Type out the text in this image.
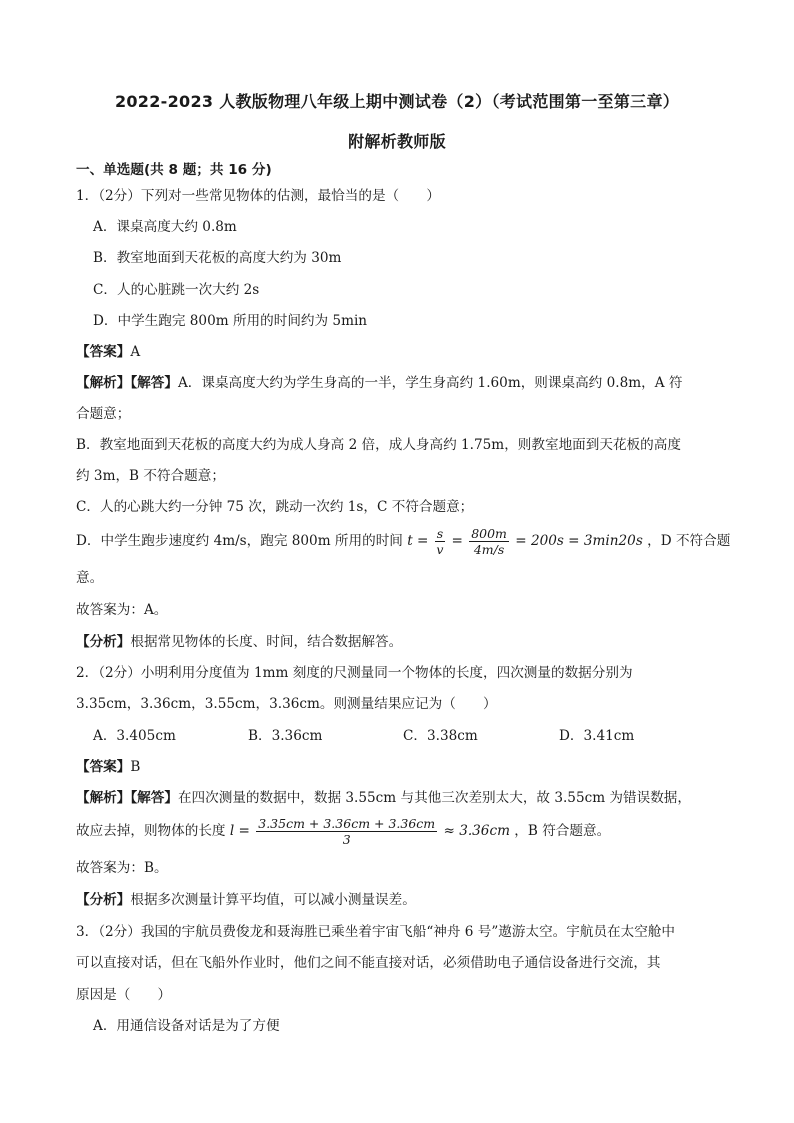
2022-2023 人教版物理八年级上期中测试卷（2）（考试范围第一至第三章）
附解析教师版
一、单选题(共 8 题；共 16 分)
1．（2分）下列对一些常见物体的估测，最恰当的是（　　）
A．课桌高度大约 0.8m
B．教室地面到天花板的高度大约为 30m
C．人的心脏跳一次大约 2s
D．中学生跑完 800m 所用的时间约为 5min
【答案】A
【解析】【解答】A．课桌高度大约为学生身高的一半，学生身高约 1.60m，则课桌高约 0.8m，A 符
合题意；
B．教室地面到天花板的高度大约为成人身高 2 倍，成人身高约 1.75m，则教室地面到天花板的高度
约 3m，B 不符合题意；
C．人的心跳大约一分钟 75 次，跳动一次约 1s，C 不符合题意；
D．中学生跑步速度约 4m/s，跑完 800m 所用的时间 $t = \frac{s}{v} = \frac{800m}{4m/s} = 200s = 3\min 20s$ ，D 不符合题
意。
故答案为：A。
【分析】根据常见物体的长度、时间，结合数据解答。
2．（2分）小明利用分度值为 1mm 刻度的尺测量同一个物体的长度，四次测量的数据分别为
3.35cm，3.36cm，3.55cm，3.36cm。则测量结果应记为（　　）
A．3.405cm	B．3.36cm	C．3.38cm	D．3.41cm
【答案】B
【解析】【解答】在四次测量的数据中，数据 3.55cm 与其他三次差别太大，故 3.55cm 为错误数据，
故应去掉，则物体的长度 $l = \frac{3.35cm + 3.36cm + 3.36cm}{3} \approx 3.36cm$ ，B 符合题意。
故答案为：B。
【分析】根据多次测量计算平均值，可以减小测量误差。
3．（2分）我国的宇航员费俊龙和聂海胜已乘坐着宇宙飞船“神舟 6 号”遨游太空。宇航员在太空舱中
可以直接对话，但在飞船外作业时，他们之间不能直接对话，必须借助电子通信设备进行交流，其
原因是（　　）
A．用通信设备对话是为了方便
